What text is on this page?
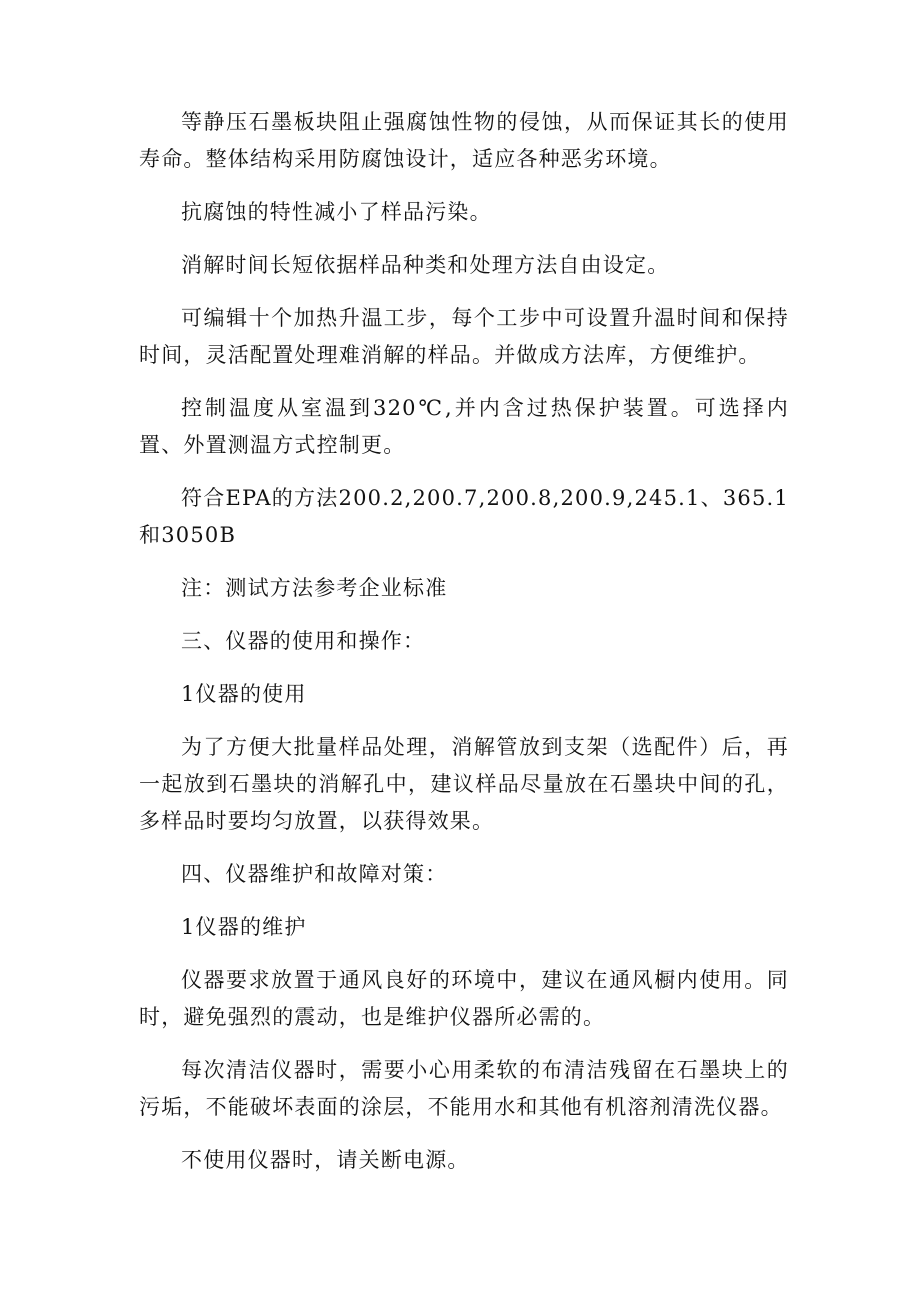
等静压石墨板块阻止强腐蚀性物的侵蚀，从而保证其长的使用寿命。整体结构采用防腐蚀设计，适应各种恶劣环境。

抗腐蚀的特性减小了样品污染。

消解时间长短依据样品种类和处理方法自由设定。

可编辑十个加热升温工步，每个工步中可设置升温时间和保持时间，灵活配置处理难消解的样品。并做成方法库，方便维护。

控制温度从室温到320℃,并内含过热保护装置。可选择内置、外置测温方式控制更。

符合EPA的方法200.2,200.7,200.8,200.9,245.1、365.1和3050B

注：测试方法参考企业标准

三、仪器的使用和操作：

1仪器的使用

为了方便大批量样品处理，消解管放到支架（选配件）后，再一起放到石墨块的消解孔中，建议样品尽量放在石墨块中间的孔，多样品时要均匀放置，以获得效果。

四、仪器维护和故障对策：

1仪器的维护

仪器要求放置于通风良好的环境中，建议在通风橱内使用。同时，避免强烈的震动，也是维护仪器所必需的。

每次清洁仪器时，需要小心用柔软的布清洁残留在石墨块上的污垢，不能破坏表面的涂层，不能用水和其他有机溶剂清洗仪器。

不使用仪器时，请关断电源。
